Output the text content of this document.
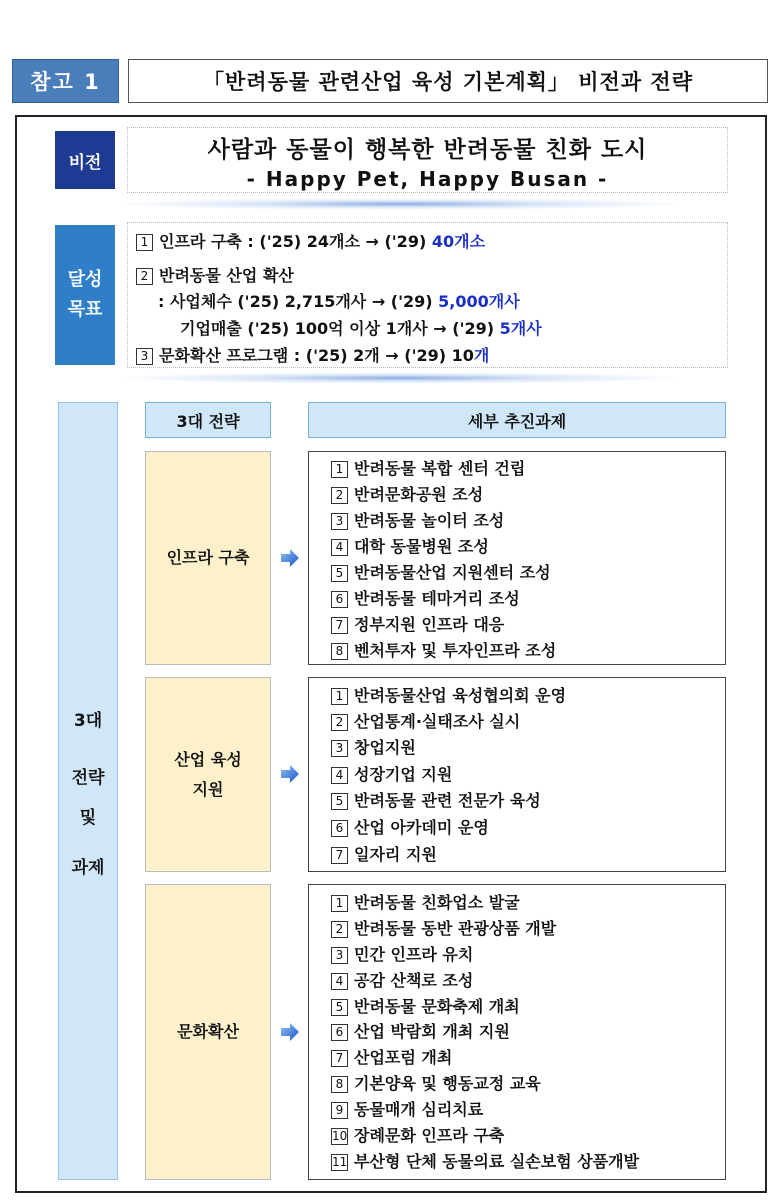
참고 1	「반려동물 관련산업 육성 기본계획」 비전과 전략
비전	사람과 동물이 행복한 반려동물 친화 도시
- Happy Pet, Happy Busan -
달성
목표
1 인프라 구축 : ('25) 24개소 → ('29) 40개소
2 반려동물 산업 확산
: 사업체수 ('25) 2,715개사 → ('29) 5,000개사
기업매출 ('25) 100억 이상 1개사 → ('29) 5개사
3 문화확산 프로그램 : ('25) 2개 → ('29) 10개
3대
전략
및
과제
3대 전략	세부 추진과제
인프라 구축
1 반려동물 복합 센터 건립
2 반려문화공원 조성
3 반려동물 놀이터 조성
4 대학 동물병원 조성
5 반려동물산업 지원센터 조성
6 반려동물 테마거리 조성
7 정부지원 인프라 대응
8 벤처투자 및 투자인프라 조성
산업 육성
지원
1 반려동물산업 육성협의회 운영
2 산업통계·실태조사 실시
3 창업지원
4 성장기업 지원
5 반려동물 관련 전문가 육성
6 산업 아카데미 운영
7 일자리 지원
문화확산
1 반려동물 친화업소 발굴
2 반려동물 동반 관광상품 개발
3 민간 인프라 유치
4 공감 산책로 조성
5 반려동물 문화축제 개최
6 산업 박람회 개최 지원
7 산업포럼 개최
8 기본양육 및 행동교정 교육
9 동물매개 심리치료
10 장례문화 인프라 구축
11 부산형 단체 동물의료 실손보험 상품개발
